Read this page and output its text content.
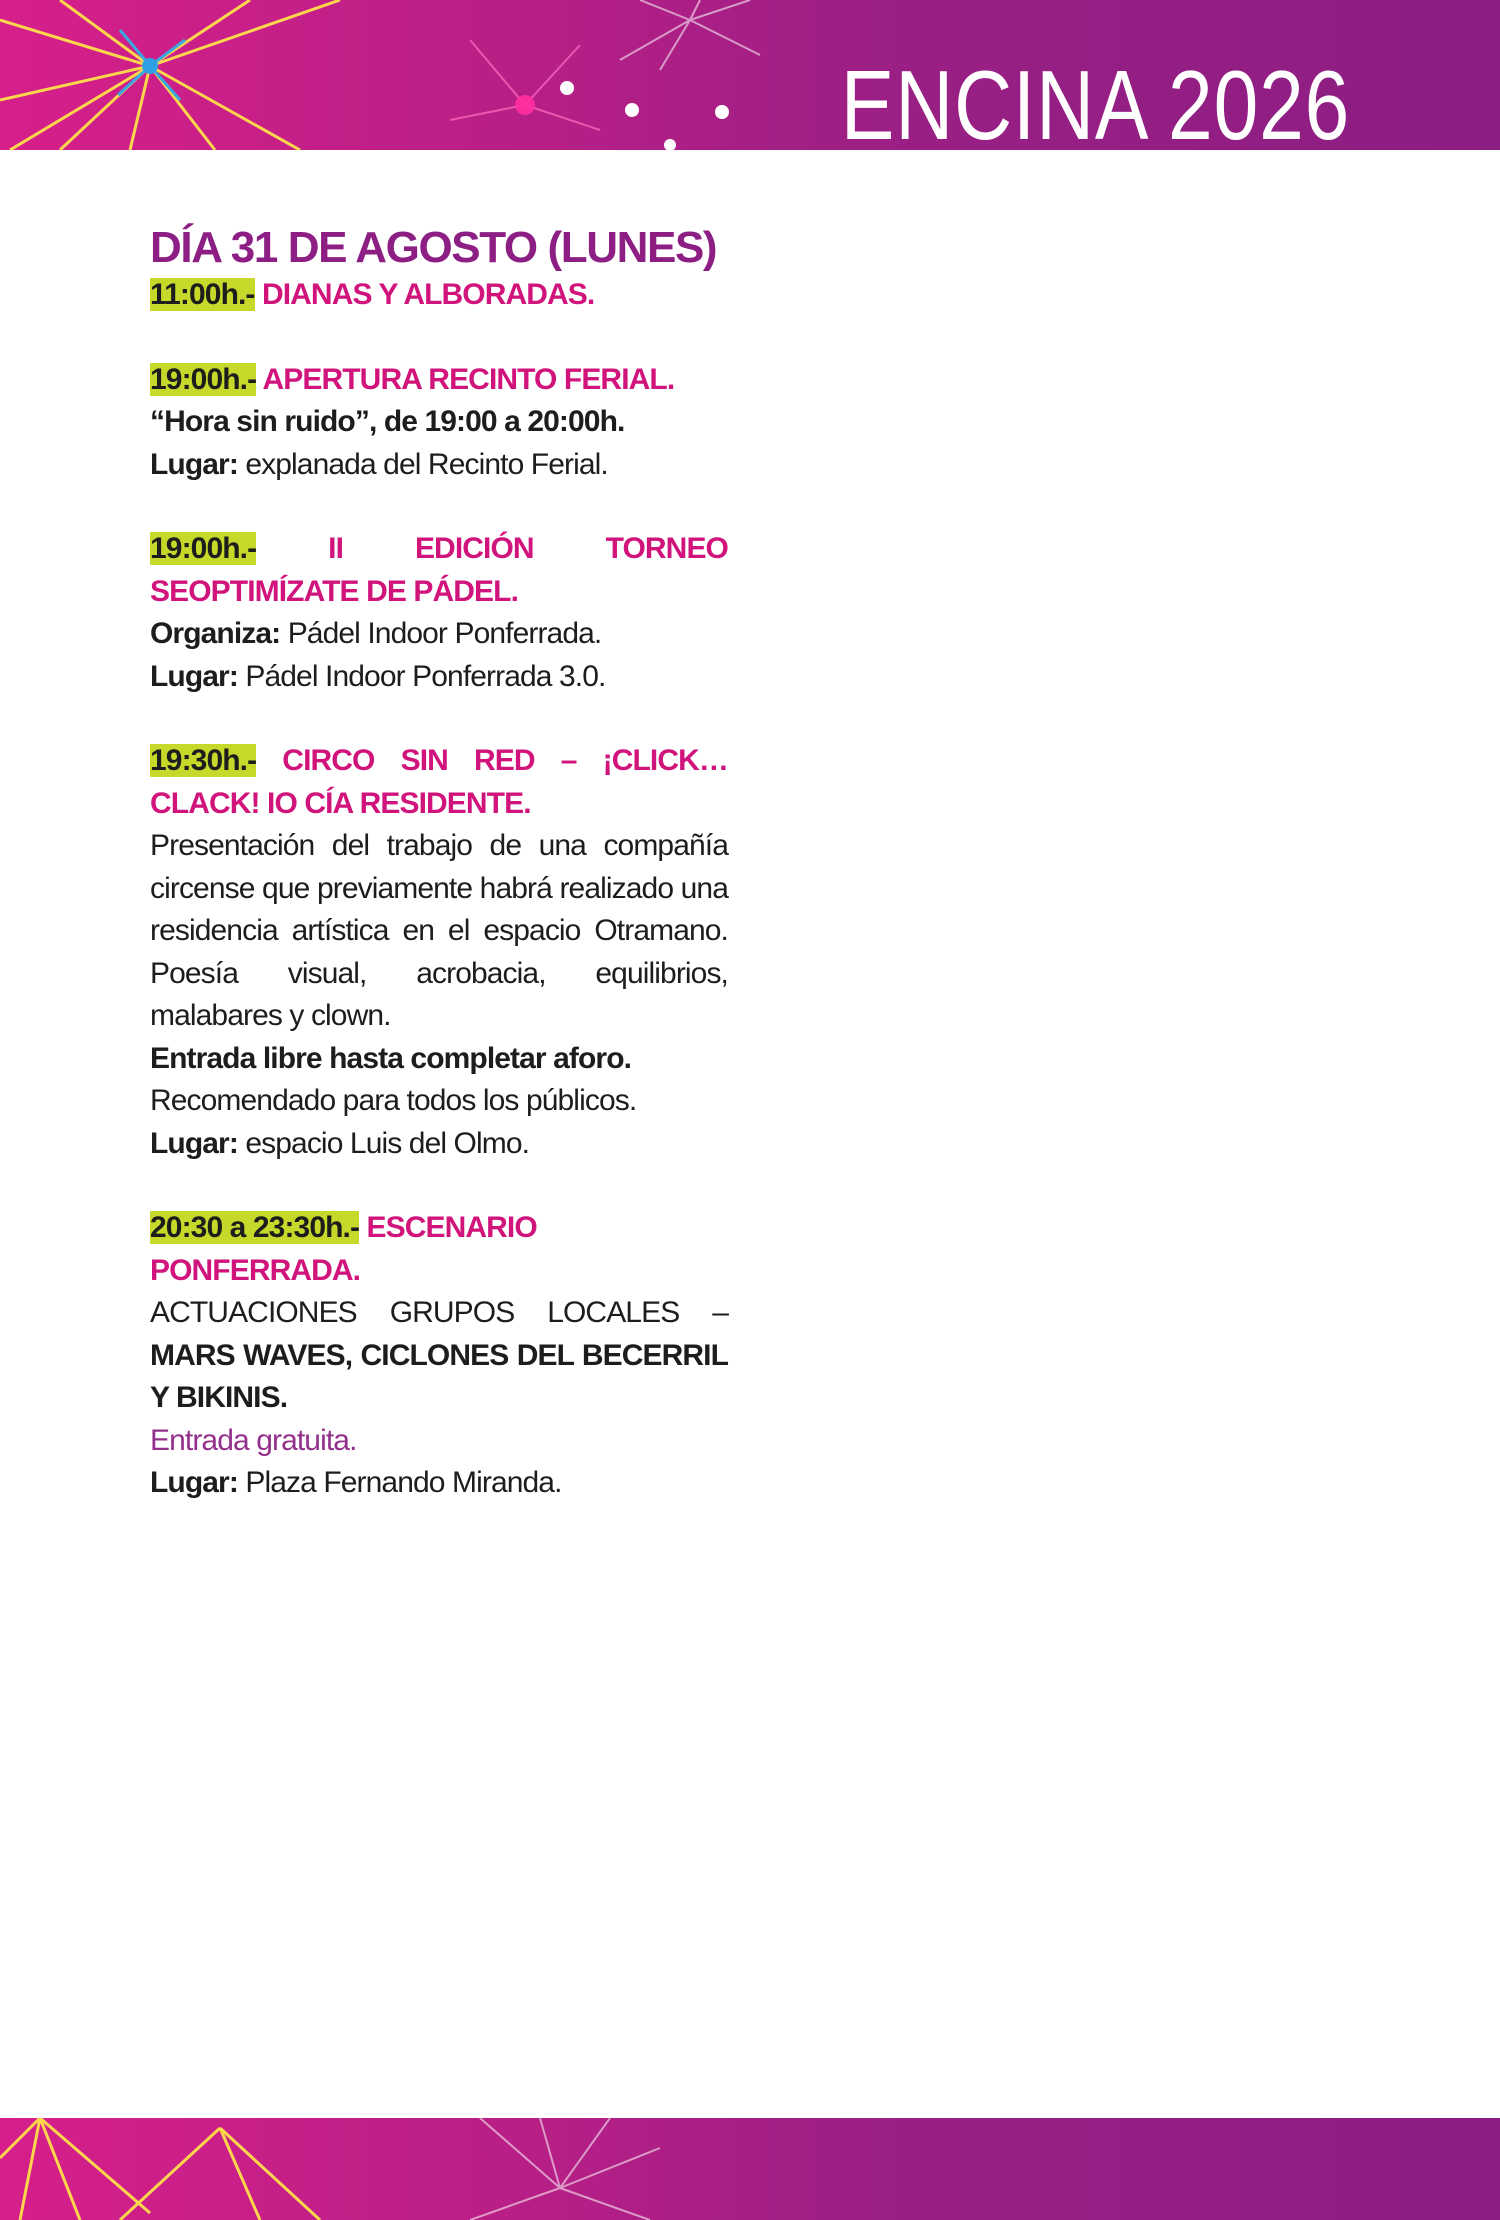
ENCINA 2026
DÍA 31 DE AGOSTO (LUNES)

11:00h.- DIANAS Y ALBORADAS.

19:00h.- APERTURA RECINTO FERIAL.

“Hora sin ruido”, de 19:00 a 20:00h.

Lugar: explanada del Recinto Ferial.

19:00h.- II EDICIÓN TORNEO SEOPTIMÍZATE DE PÁDEL.

Organiza: Pádel Indoor Ponferrada.

Lugar: Pádel Indoor Ponferrada 3.0.

19:30h.- CIRCO SIN RED – ¡CLICK…CLACK! IO CÍA RESIDENTE.

Presentación del trabajo de una compañía circense que previamente habrá realizado una residencia artística en el espacio Otramano. Poesía visual, acrobacia, equilibrios, malabares y clown.

Entrada libre hasta completar aforo.

Recomendado para todos los públicos.

Lugar: espacio Luis del Olmo.

20:30 a 23:30h.- ESCENARIO PONFERRADA.

ACTUACIONES GRUPOS LOCALES – MARS WAVES, CICLONES DEL BECERRIL Y BIKINIS.

Entrada gratuita.

Lugar: Plaza Fernando Miranda.
